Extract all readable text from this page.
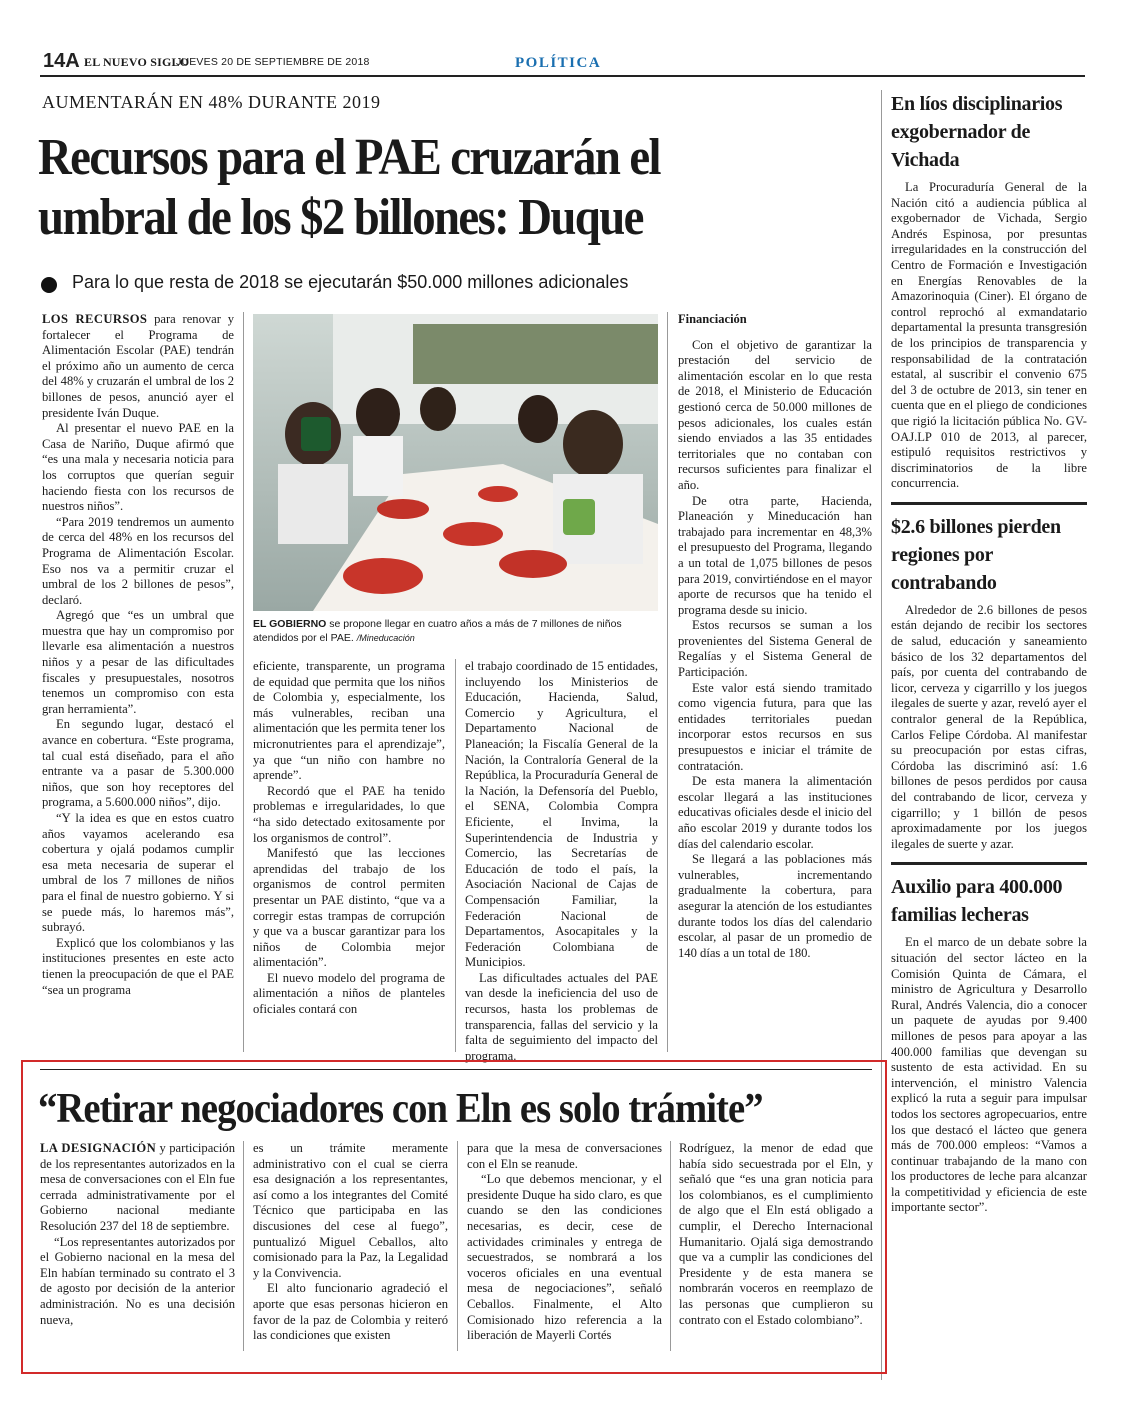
14A EL NUEVO SIGLO
JUEVES 20 DE SEPTIEMBRE DE 2018	POLÍTICA
AUMENTARÁN EN 48% DURANTE 2019
Recursos para el PAE cruzarán el umbral de los $2 billones: Duque
Para lo que resta de 2018 se ejecutarán $50.000 millones adicionales

LOS RECURSOS para renovar y fortalecer el Programa de Alimentación Escolar (PAE) tendrán el próximo año un aumento de cerca del 48% y cruzarán el umbral de los 2 billones de pesos, anunció ayer el presidente Iván Duque.

Al presentar el nuevo PAE en la Casa de Nariño, Duque afirmó que “es una mala y necesaria noticia para los corruptos que querían seguir haciendo fiesta con los recursos de nuestros niños”.

“Para 2019 tendremos un aumento de cerca del 48% en los recursos del Programa de Alimentación Escolar. Eso nos va a permitir cruzar el umbral de los 2 billones de pesos”, declaró.

Agregó que “es un umbral que muestra que hay un compromiso por llevarle esa alimentación a nuestros niños y a pesar de las dificultades fiscales y presupuestales, nosotros tenemos un compromiso con esta gran herramienta”.

En segundo lugar, destacó el avance en cobertura. “Este programa, tal cual está diseñado, para el año entrante va a pasar de 5.300.000 niños, que son hoy receptores del programa, a 5.600.000 niños”, dijo.

“Y la idea es que en estos cuatro años vayamos acelerando esa cobertura y ojalá podamos cumplir esa meta necesaria de superar el umbral de los 7 millones de niños para el final de nuestro gobierno. Y si se puede más, lo haremos más”, subrayó.

Explicó que los colombianos y las instituciones presentes en este acto tienen la preocupación de que el PAE “sea un programa

EL GOBIERNO se propone llegar en cuatro años a más de 7 millones de niños atendidos por el PAE. /Mineducación

eficiente, transparente, un programa de equidad que permita que los niños de Colombia y, especialmente, los más vulnerables, reciban una alimentación que les permita tener los micronutrientes para el aprendizaje”, ya que “un niño con hambre no aprende”.

Recordó que el PAE ha tenido problemas e irregularidades, lo que “ha sido detectado exitosamente por los organismos de control”.

Manifestó que las lecciones aprendidas del trabajo de los organismos de control permiten presentar un PAE distinto, “que va a corregir estas trampas de corrupción y que va a buscar garantizar para los niños de Colombia mejor alimentación”.

El nuevo modelo del programa de alimentación a niños de planteles oficiales contará con

el trabajo coordinado de 15 entidades, incluyendo los Ministerios de Educación, Hacienda, Salud, Comercio y Agricultura, el Departamento Nacional de Planeación; la Fiscalía General de la Nación, la Contraloría General de la República, la Procuraduría General de la Nación, la Defensoría del Pueblo, el SENA, Colombia Compra Eficiente, el Invima, la Superintendencia de Industria y Comercio, las Secretarías de Educación de todo el país, la Asociación Nacional de Cajas de Compensación Familiar, la Federación Nacional de Departamentos, Asocapitales y la Federación Colombiana de Municipios.

Las dificultades actuales del PAE van desde la ineficiencia del uso de recursos, hasta los problemas de transparencia, fallas del servicio y la falta de seguimiento del impacto del programa.

Financiación

Con el objetivo de garantizar la prestación del servicio de alimentación escolar en lo que resta de 2018, el Ministerio de Educación gestionó cerca de 50.000 millones de pesos adicionales, los cuales están siendo enviados a las 35 entidades territoriales que no contaban con recursos suficientes para finalizar el año.

De otra parte, Hacienda, Planeación y Mineducación han trabajado para incrementar en 48,3% el presupuesto del Programa, llegando a un total de 1,075 billones de pesos para 2019, convirtiéndose en el mayor aporte de recursos que ha tenido el programa desde su inicio.

Estos recursos se suman a los provenientes del Sistema General de Regalías y el Sistema General de Participación.

Este valor está siendo tramitado como vigencia futura, para que las entidades territoriales puedan incorporar estos recursos en sus presupuestos e iniciar el trámite de contratación.

De esta manera la alimentación escolar llegará a las instituciones educativas oficiales desde el inicio del año escolar 2019 y durante todos los días del calendario escolar.

Se llegará a las poblaciones más vulnerables, incrementando gradualmente la cobertura, para asegurar la atención de los estudiantes durante todos los días del calendario escolar, al pasar de un promedio de 140 días a un total de 180.

En líos disciplinarios exgobernador de Vichada

La Procuraduría General de la Nación citó a audiencia pública al exgobernador de Vichada, Sergio Andrés Espinosa, por presuntas irregularidades en la construcción del Centro de Formación e Investigación en Energías Renovables de la Amazorinoquia (Ciner). El órgano de control reprochó al exmandatario departamental la presunta transgresión de los principios de transparencia y responsabilidad de la contratación estatal, al suscribir el convenio 675 del 3 de octubre de 2013, sin tener en cuenta que en el pliego de condiciones que rigió la licitación pública No. GV-OAJ.LP 010 de 2013, al parecer, estipuló requisitos restrictivos y discriminatorios de la libre concurrencia.

$2.6 billones pierden regiones por contrabando

Alrededor de 2.6 billones de pesos están dejando de recibir los sectores de salud, educación y saneamiento básico de los 32 departamentos del país, por cuenta del contrabando de licor, cerveza y cigarrillo y los juegos ilegales de suerte y azar, reveló ayer el contralor general de la República, Carlos Felipe Córdoba. Al manifestar su preocupación por estas cifras, Córdoba las discriminó así: 1.6 billones de pesos perdidos por causa del contrabando de licor, cerveza y cigarrillo; y 1 billón de pesos aproximadamente por los juegos ilegales de suerte y azar.

Auxilio para 400.000 familias lecheras

En el marco de un debate sobre la situación del sector lácteo en la Comisión Quinta de Cámara, el ministro de Agricultura y Desarrollo Rural, Andrés Valencia, dio a conocer un paquete de ayudas por 9.400 millones de pesos para apoyar a las 400.000 familias que devengan su sustento de esta actividad. En su intervención, el ministro Valencia explicó la ruta a seguir para impulsar todos los sectores agropecuarios, entre los que destacó el lácteo que genera más de 700.000 empleos: “Vamos a continuar trabajando de la mano con los productores de leche para alcanzar la competitividad y eficiencia de este importante sector”.

“Retirar negociadores con Eln es solo trámite”

LA DESIGNACIÓN y participación de los representantes autorizados en la mesa de conversaciones con el Eln fue cerrada administrativamente por el Gobierno nacional mediante Resolución 237 del 18 de septiembre.

“Los representantes autorizados por el Gobierno nacional en la mesa del Eln habían terminado su contrato el 3 de agosto por decisión de la anterior administración. No es una decisión nueva,

es un trámite meramente administrativo con el cual se cierra esa designación a los representantes, así como a los integrantes del Comité Técnico que participaba en las discusiones del cese al fuego”, puntualizó Miguel Ceballos, alto comisionado para la Paz, la Legalidad y la Convivencia.

El alto funcionario agradeció el aporte que esas personas hicieron en favor de la paz de Colombia y reiteró las condiciones que existen

para que la mesa de conversaciones con el Eln se reanude.

“Lo que debemos mencionar, y el presidente Duque ha sido claro, es que cuando se den las condiciones necesarias, es decir, cese de actividades criminales y entrega de secuestrados, se nombrará a los voceros oficiales en una eventual mesa de negociaciones”, señaló Ceballos. Finalmente, el Alto Comisionado hizo referencia a la liberación de Mayerli Cortés

Rodríguez, la menor de edad que había sido secuestrada por el Eln, y señaló que “es una gran noticia para los colombianos, es el cumplimiento de algo que el Eln está obligado a cumplir, el Derecho Internacional Humanitario. Ojalá siga demostrando que va a cumplir las condiciones del Presidente y de esta manera se nombrarán voceros en reemplazo de las personas que cumplieron su contrato con el Estado colombiano”.
